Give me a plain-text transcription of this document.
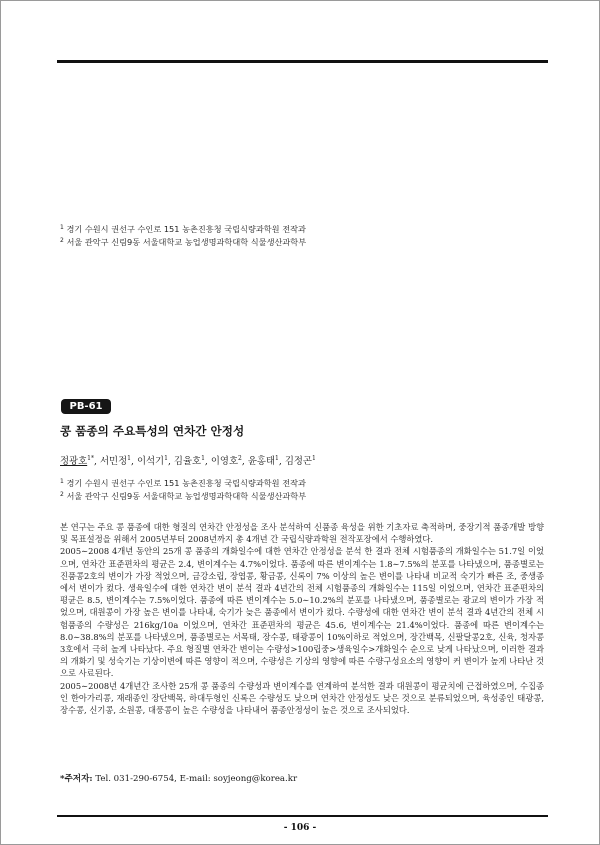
$^1$ 경기 수원시 권선구 수인로 151 농촌진흥청 국립식량과학원 전작과
$^2$ 서울 관악구 신림9동 서울대학교 농업생명과학대학 식물생산과학부
PB-61
콩 품종의 주요특성의 연차간 안정성
정광호$^{1*}$, 서민정$^1$, 이석기$^1$, 김율호$^1$, 이영호$^2$, 윤홍태$^1$, 김정곤$^1$
$^1$ 경기 수원시 권선구 수인로 151 농촌진흥청 국립식량과학원 전작과
$^2$ 서울 관악구 신림9동 서울대학교 농업생명과학대학 식물생산과학부

본 연구는 주요 콩 품종에 대한 형질의 연차간 안정성을 조사 분석하여 신품종 육성을 위한 기초자료 축적하며, 중장기적 품종개발 방향 및 목표설정을 위해서 2005년부터 2008년까지 총 4개년 간 국립식량과학원 전작포장에서 수행하였다.

2005∼2008 4개년 동안의 25개 콩 품종의 개화일수에 대한 연차간 안정성을 분석 한 결과 전체 시험품종의 개화일수는 51.7일 이었으며, 연차간 표준편차의 평균은 2.4, 변이계수는 4.7%이었다. 품종에 따른 변이계수는 1.8∼7.5%의 분포를 나타냈으며, 품종별로는 진품콩2호의 변이가 가장 적었으며, 금강소립, 장엽콩, 황금콩, 신록이 7% 이상의 높은 변이를 나타내 비교적 숙기가 빠른 조, 중생종에서 변이가 컸다. 생육일수에 대한 연차간 변이 분석 결과 4년간의 전체 시험품종의 개화일수는 115일 이었으며, 연차간 표준편차의 평균은 8.5, 변이계수는 7.5%이었다. 품종에 따른 변이계수는 5.0∼10.2%의 분포를 나타냈으며, 품종별로는 광교의 변이가 가장 적었으며, 대원콩이 가장 높은 변이를 나타내, 숙기가 늦은 품종에서 변이가 컸다. 수량성에 대한 연차간 변이 분석 결과 4년간의 전체 시험품종의 수량성은 216kg/10a 이었으며, 연차간 표준편차의 평균은 45.6, 변이계수는 21.4%이었다. 품종에 따른 변이계수는 8.0∼38.8%의 분포를 나타냈으며, 품종별로는 서목태, 장수콩, 태광콩이 10%이하로 적었으며, 장간백목, 신팔달콩2호, 신육, 청자콩3호에서 극히 높게 나타났다. 주요 형질별 연차간 변이는 수량성>100립중>생육일수>개화일수 순으로 낮게 나타났으며, 이러한 결과의 개화기 및 성숙기는 기상이변에 따른 영향이 적으며, 수량성은 기상의 영향에 따른 수량구성요소의 영향이 커 변이가 높게 나타난 것으로 사료된다.

2005∼2008년 4개년간 조사한 25개 콩 품종의 수량성과 변이계수를 연계하여 분석한 결과 대원콩이 평균치에 근접하였으며, 수집종인 한아가리콩, 재래종인 장단백목, 하대두형인 신록은 수량성도 낮으며 연차간 안정성도 낮은 것으로 분류되었으며, 육성종인 태광콩, 장수콩, 신기콩, 소원콩, 대풍콩이 높은 수량성을 나타내어 품종안정성이 높은 것으로 조사되었다.

*주저자: Tel. 031-290-6754, E-mail: soyjeong@korea.kr
- 106 -
